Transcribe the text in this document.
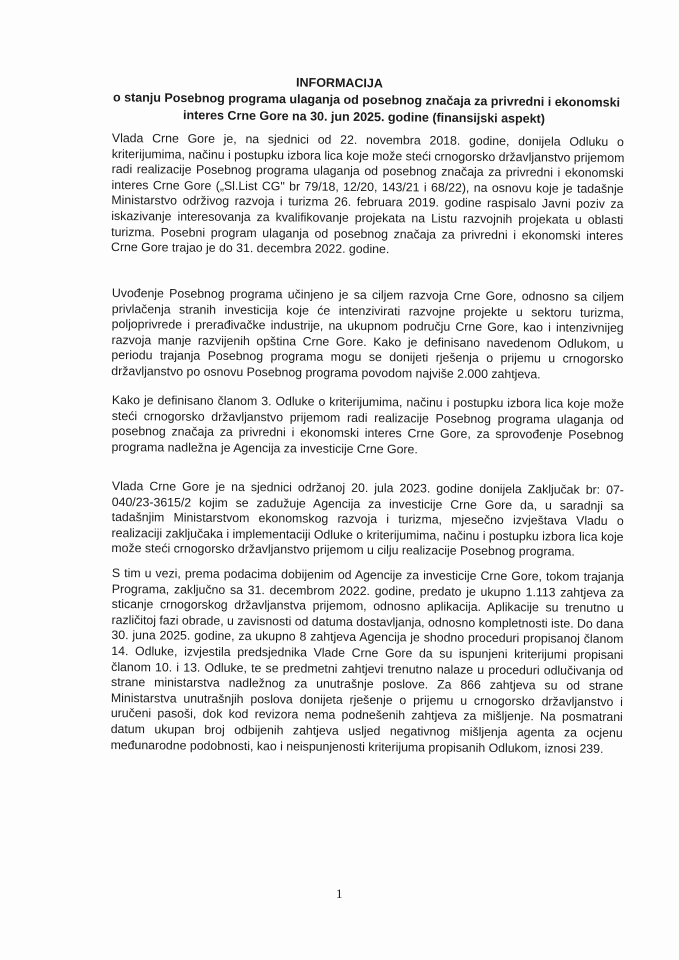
INFORMACIJA
o stanju Posebnog programa ulaganja od posebnog značaja za privredni i ekonomski
interes Crne Gore na 30. jun 2025. godine (finansijski aspekt)
Vlada Crne Gore je, na sjednici od 22. novembra 2018. godine, donijela Odluku o
kriterijumima, načinu i postupku izbora lica koje može steći crnogorsko državljanstvo prijemom
radi realizacije Posebnog programa ulaganja od posebnog značaja za privredni i ekonomski
interes Crne Gore („Sl.List CG" br 79/18, 12/20, 143/21 i 68/22), na osnovu koje je tadašnje
Ministarstvo održivog razvoja i turizma 26. februara 2019. godine raspisalo Javni poziv za
iskazivanje interesovanja za kvalifikovanje projekata na Listu razvojnih projekata u oblasti
turizma. Posebni program ulaganja od posebnog značaja za privredni i ekonomski interes
Crne Gore trajao je do 31. decembra 2022. godine.
Uvođenje Posebnog programa učinjeno je sa ciljem razvoja Crne Gore, odnosno sa ciljem
privlačenja stranih investicija koje će intenzivirati razvojne projekte u sektoru turizma,
poljoprivrede i prerađivačke industrije, na ukupnom području Crne Gore, kao i intenzivnijeg
razvoja manje razvijenih opština Crne Gore. Kako je definisano navedenom Odlukom, u
periodu trajanja Posebnog programa mogu se donijeti rješenja o prijemu u crnogorsko
državljanstvo po osnovu Posebnog programa povodom najviše 2.000 zahtjeva.
Kako je definisano članom 3. Odluke o kriterijumima, načinu i postupku izbora lica koje može
steći crnogorsko državljanstvo prijemom radi realizacije Posebnog programa ulaganja od
posebnog značaja za privredni i ekonomski interes Crne Gore, za sprovođenje Posebnog
programa nadležna je Agencija za investicije Crne Gore.
Vlada Crne Gore je na sjednici održanoj 20. jula 2023. godine donijela Zaključak br: 07-
040/23-3615/2 kojim se zadužuje Agencija za investicije Crne Gore da, u saradnji sa
tadašnjim Ministarstvom ekonomskog razvoja i turizma, mjesečno izvještava Vladu o
realizaciji zaključaka i implementaciji Odluke o kriterijumima, načinu i postupku izbora lica koje
može steći crnogorsko državljanstvo prijemom u cilju realizacije Posebnog programa.
S tim u vezi, prema podacima dobijenim od Agencije za investicije Crne Gore, tokom trajanja
Programa, zaključno sa 31. decembrom 2022. godine, predato je ukupno 1.113 zahtjeva za
sticanje crnogorskog državljanstva prijemom, odnosno aplikacija. Aplikacije su trenutno u
različitoj fazi obrade, u zavisnosti od datuma dostavljanja, odnosno kompletnosti iste. Do dana
30. juna 2025. godine, za ukupno 8 zahtjeva Agencija je shodno proceduri propisanoj članom
14. Odluke, izvjestila predsjednika Vlade Crne Gore da su ispunjeni kriterijumi propisani
članom 10. i 13. Odluke, te se predmetni zahtjevi trenutno nalaze u proceduri odlučivanja od
strane ministarstva nadležnog za unutrašnje poslove. Za 866 zahtjeva su od strane
Ministarstva unutrašnjih poslova donijeta rješenje o prijemu u crnogorsko državljanstvo i
uručeni pasoši, dok kod revizora nema podnešenih zahtjeva za mišljenje. Na posmatrani
datum ukupan broj odbijenih zahtjeva usljed negativnog mišljenja agenta za ocjenu
međunarodne podobnosti, kao i neispunjenosti kriterijuma propisanih Odlukom, iznosi 239.
1
